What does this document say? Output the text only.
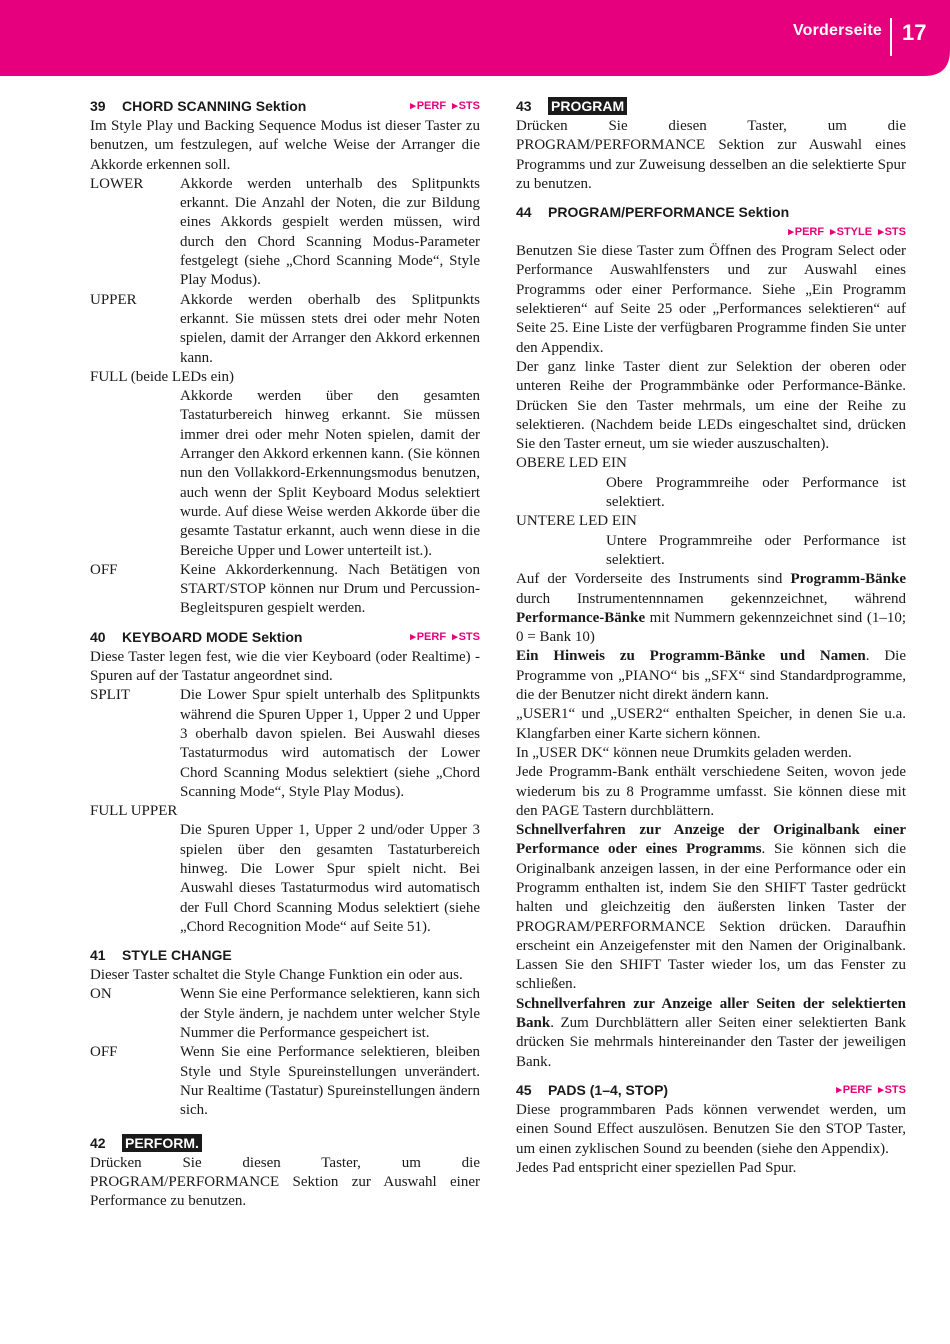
Vorderseite 17
39 CHORD SCANNING Sektion	▸ PERF ▸ STS

Im Style Play und Backing Sequence Modus ist dieser Taster zu benutzen, um festzulegen, auf welche Weise der Arranger die Akkorde erkennen soll.

LOWER Akkorde werden unterhalb des Splitpunkts erkannt. Die Anzahl der Noten, die zur Bildung eines Akkords gespielt werden müssen, wird durch den Chord Scanning Modus-Parameter festgelegt (siehe „Chord Scanning Mode“, Style Play Modus).

UPPER	Akkorde werden oberhalb des Splitpunkts erkannt. Sie müssen stets drei oder mehr Noten spielen, damit der Arranger den Akkord erkennen kann.

FULL (beide LEDs ein)

Akkorde werden über den gesamten Tastaturbereich hinweg erkannt. Sie müssen immer drei oder mehr Noten spielen, damit der Arranger den Akkord erkennen kann. (Sie können nun den Vollakkord-Erkennungsmodus benutzen, auch wenn der Split Keyboard Modus selektiert wurde. Auf diese Weise werden Akkorde über die gesamte Tastatur erkannt, auch wenn diese in die Bereiche Upper und Lower unterteilt ist.).

OFF	Keine Akkorderkennung. Nach Betätigen von START/STOP können nur Drum und Percussion-Begleitspuren gespielt werden.

40 KEYBOARD MODE Sektion	▸ PERF ▸ STS

Diese Taster legen fest, wie die vier Keyboard (oder Realtime) -Spuren auf der Tastatur angeordnet sind.

SPLIT	Die Lower Spur spielt unterhalb des Splitpunkts während die Spuren Upper 1, Upper 2 und Upper 3 oberhalb davon spielen. Bei Auswahl dieses Tastaturmodus wird automatisch der Lower Chord Scanning Modus selektiert (siehe „Chord Scanning Mode“, Style Play Modus).

FULL UPPER

Die Spuren Upper 1, Upper 2 und/oder Upper 3 spielen über den gesamten Tastaturbereich hinweg. Die Lower Spur spielt nicht. Bei Auswahl dieses Tastaturmodus wird automatisch der Full Chord Scanning Modus selektiert (siehe „Chord Recognition Mode“ auf Seite 51).

41 STYLE CHANGE

Dieser Taster schaltet die Style Change Funktion ein oder aus.

ON	Wenn Sie eine Performance selektieren, kann sich der Style ändern, je nachdem unter welcher Style Nummer die Performance gespeichert ist.

OFF	Wenn Sie eine Performance selektieren, bleiben Style und Style Spureinstellungen unverändert. Nur Realtime (Tastatur) Spureinstellungen ändern sich.

42 PERFORM.

Drücken Sie diesen Taster, um die PROGRAM/PERFORMANCE Sektion zur Auswahl einer Performance zu benutzen.

43 PROGRAM

Drücken Sie diesen Taster, um die PROGRAM/PERFORMANCE Sektion zur Auswahl eines Programms und zur Zuweisung desselben an die selektierte Spur zu benutzen.

44 PROGRAM/PERFORMANCE Sektion
▸ PERF ▸ STYLE ▸ STS

Benutzen Sie diese Taster zum Öffnen des Program Select oder Performance Auswahlfensters und zur Auswahl eines Programms oder einer Performance. Siehe „Ein Programm selektieren“ auf Seite 25 oder „Performances selektieren“ auf Seite 25. Eine Liste der verfügbaren Programme finden Sie unter den Appendix.

Der ganz linke Taster dient zur Selektion der oberen oder unteren Reihe der Programmbänke oder Performance-Bänke. Drücken Sie den Taster mehrmals, um eine der Reihe zu selektieren. (Nachdem beide LEDs eingeschaltet sind, drücken Sie den Taster erneut, um sie wieder auszuschalten).

OBERE LED EIN

Obere Programmreihe oder Performance ist selektiert.

UNTERE LED EIN

Untere Programmreihe oder Performance ist selektiert.

Auf der Vorderseite des Instruments sind Programm-Bänke durch Instrumentennnamen gekennzeichnet, während Performance-Bänke mit Nummern gekennzeichnet sind (1–10; 0 = Bank 10)

Ein Hinweis zu Programm-Bänke und Namen. Die Programme von „PIANO“ bis „SFX“ sind Standardprogramme, die der Benutzer nicht direkt ändern kann.

„USER1“ und „USER2“ enthalten Speicher, in denen Sie u.a. Klangfarben einer Karte sichern können.

In „USER DK“ können neue Drumkits geladen werden.

Jede Programm-Bank enthält verschiedene Seiten, wovon jede wiederum bis zu 8 Programme umfasst. Sie können diese mit den PAGE Tastern durchblättern.

Schnellverfahren zur Anzeige der Originalbank einer Performance oder eines Programms. Sie können sich die Originalbank anzeigen lassen, in der eine Performance oder ein Programm enthalten ist, indem Sie den SHIFT Taster gedrückt halten und gleichzeitig den äußersten linken Taster der PROGRAM/PERFORMANCE Sektion drücken. Daraufhin erscheint ein Anzeigefenster mit den Namen der Originalbank. Lassen Sie den SHIFT Taster wieder los, um das Fenster zu schließen.

Schnellverfahren zur Anzeige aller Seiten der selektierten Bank. Zum Durchblättern aller Seiten einer selektierten Bank drücken Sie mehrmals hintereinander den Taster der jeweiligen Bank.

45 PADS (1–4, STOP)	▸ PERF ▸ STS

Diese programmbaren Pads können verwendet werden, um einen Sound Effect auszulösen. Benutzen Sie den STOP Taster, um einen zyklischen Sound zu beenden (siehe den Appendix).

Jedes Pad entspricht einer speziellen Pad Spur.
